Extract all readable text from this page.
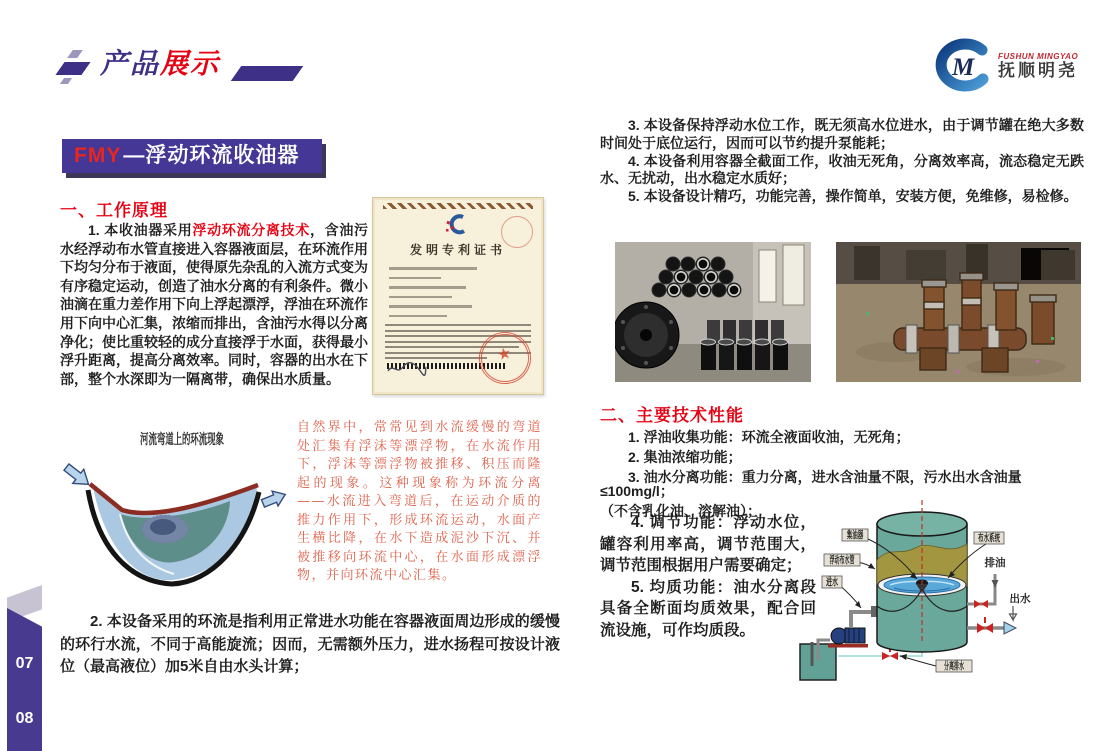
07
08
产品展示	M	FUSHUN MINGYAO
抚顺明尧
FMY—浮动环流收油器
一、工作原理

1. 本收油器采用浮动环流分离技术，含油污水经浮动布水管直接进入容器液面层，在环流作用下均匀分布于液面，使得原先杂乱的入流方式变为有序稳定运动，创造了油水分离的有利条件。微小油滴在重力差作用下向上浮起漂浮，浮油在环流作用下向中心汇集，浓缩而排出，含油污水得以分离净化；使比重较轻的成分直接浮于水面，获得最小浮升距离，提高分离效率。同时，容器的出水在下部，整个水深即为一隔离带，确保出水质量。

2. 本设备采用的环流是指利用正常进水功能在容器液面周边形成的缓慢的环行水流，不同于高能旋流；因而，无需额外压力，进水扬程可按设计液位（最高液位）加5米自由水头计算；

3. 本设备保持浮动水位工作，既无须高水位进水，由于调节罐在绝大多数时间处于底位运行，因而可以节约提升泵能耗；

4. 本设备利用容器全截面工作，收油无死角，分离效率高，流态稳定无跌水、无扰动，出水稳定水质好；

5. 本设备设计精巧，功能完善，操作简单，安装方便，免维修，易检修。

发明专利证书
★
自然界中，常常见到水流缓慢的弯道处汇集有浮沫等漂浮物，在水流作用下，浮沫等漂浮物被推移、积压而隆起的现象。这种现象称为环流分离——水流进入弯道后，在运动介质的推力作用下，形成环流运动，水面产生横比降，在水下造成泥沙下沉、并被推移向环流中心，在水面形成漂浮物，并向环流中心汇集。
河流弯道上的环流现象
二、主要技术性能

1. 浮油收集功能：环流全液面收油，无死角；

2. 集油浓缩功能；

3. 油水分离功能：重力分离，进水含油量不限，污水出水含油量≤100mg/l；

（不含乳化油、溶解油）；

4. 调节功能：浮动水位，罐容利用率高，调节范围大，调节范围根据用户需要确定；

5. 均质功能：油水分离段具备全断面均质效果，配合回流设施，可作均质段。

集油器
浮动布水管
进水
布水系统
排油
出水
分离排水
